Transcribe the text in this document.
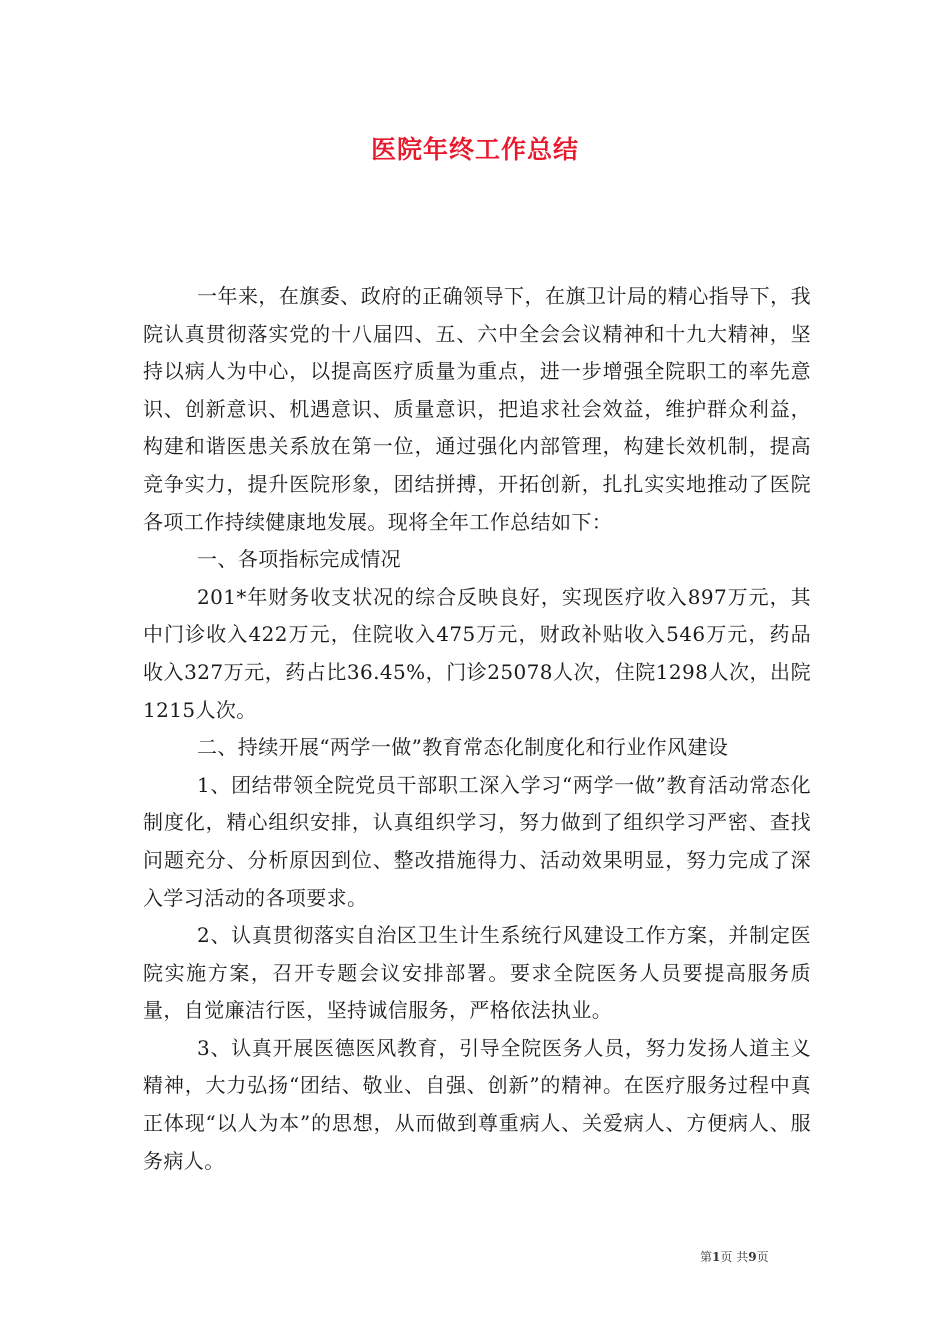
医院年终工作总结

一年来，在旗委、政府的正确领导下，在旗卫计局的精心指导下，我院认真贯彻落实党的十八届四、五、六中全会会议精神和十九大精神，坚持以病人为中心，以提高医疗质量为重点，进一步增强全院职工的率先意识、创新意识、机遇意识、质量意识，把追求社会效益，维护群众利益，构建和谐医患关系放在第一位，通过强化内部管理，构建长效机制，提高竞争实力，提升医院形象，团结拼搏，开拓创新，扎扎实实地推动了医院各项工作持续健康地发展。现将全年工作总结如下：

一、各项指标完成情况

201*年财务收支状况的综合反映良好，实现医疗收入897万元，其中门诊收入422万元，住院收入475万元，财政补贴收入546万元，药品收入327万元，药占比36.45%，门诊25078人次，住院1298人次，出院1215人次。

二、持续开展“两学一做”教育常态化制度化和行业作风建设

1、团结带领全院党员干部职工深入学习“两学一做”教育活动常态化制度化，精心组织安排，认真组织学习，努力做到了组织学习严密、查找问题充分、分析原因到位、整改措施得力、活动效果明显，努力完成了深入学习活动的各项要求。

2、认真贯彻落实自治区卫生计生系统行风建设工作方案，并制定医院实施方案，召开专题会议安排部署。要求全院医务人员要提高服务质量，自觉廉洁行医，坚持诚信服务，严格依法执业。

3、认真开展医德医风教育，引导全院医务人员，努力发扬人道主义精神，大力弘扬“团结、敬业、自强、创新”的精神。在医疗服务过程中真正体现“以人为本”的思想，从而做到尊重病人、关爱病人、方便病人、服务病人。

第1页 共9页
